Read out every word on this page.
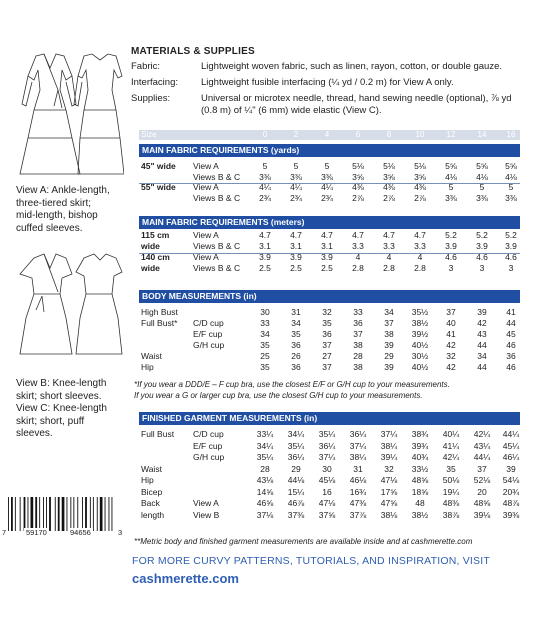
View A: Ankle-length,
three-tiered skirt;
mid-length, bishop
cuffed sleeves.
View B: Knee-length
skirt; short sleeves.
View C: Knee-length
skirt; short, puff
sleeves.
7	59170	94656	3
MATERIALS & SUPPLIES
Fabric:	Lightweight woven fabric, such as linen, rayon, cotton, or double gauze.
Interfacing: Lightweight fusible interfacing (¼ yd / 0.2 m) for View A only.
Supplies:	Universal or microtex needle, thread, hand sewing needle (optional), ⅞ yd
(0.8 m) of ¼" (6 mm) wide elastic (View C).
Size	0	2	4	6	8	10	12	14	16
MAIN FABRIC REQUIREMENTS (yards)
45" wide View A	5	5	5	5⅛	5⅛	5⅛	5⅝	5⅝	5⅝
Views B & C	3⅜	3⅜	3⅜	3⅝	3⅝	3⅝	4⅛	4⅛	4⅛
55" wide View A	4¼	4¼	4¼	4⅜	4⅜	4⅜	5	5	5
Views B & C	2¾	2¾	2¾	2⅞	2⅞	2⅞	3⅜	3⅜	3⅜
MAIN FABRIC REQUIREMENTS (meters)
115 cm	View A	4.7	4.7	4.7	4.7	4.7	4.7	5.2	5.2	5.2
wide	Views B & C	3.1	3.1	3.1	3.3	3.3	3.3	3.9	3.9	3.9
140 cm	View A	3.9	3.9	3.9	4	4	4	4.6	4.6	4.6
wide	Views B & C	2.5	2.5	2.5	2.8	2.8	2.8	3	3	3
BODY MEASUREMENTS (in)
High Bust	30	31	32	33	34	35½	37	39	41
Full Bust* C/D cup	33	34	35	36	37	38½	40	42	44
E/F cup	34	35	36	37	38	39½	41	43	45
G/H cup	35	36	37	38	39	40½	42	44	46
Waist	25	26	27	28	29	30½	32	34	36
Hip	35	36	37	38	39	40½	42	44	46
*If you wear a DDD/E – F cup bra, use the closest E/F or G/H cup to your measurements.
If you wear a G or larger cup bra, use the closest G/H cup to your measurements.
FINISHED GARMENT MEASUREMENTS (in)
Full Bust C/D cup	33¼	34¼	35¼	36¼	37¼	38¾	40¼	42¼	44¼
E/F cup	34¼	35¼	36¼	37¼	38¼	39¾	41¼	43¼	45¼
G/H cup	35¼	36¼	37¼	38¼	39¼	40¾	42¼	44¼	46¼
Waist	28	29	30	31	32	33½	35	37	39
Hip	43⅛	44⅛	45⅛	46⅛	47⅛	48⅝	50⅛	52⅛	54⅛
Bicep	14⅝	15¼	16	16¾	17⅝	18⅝	19¼	20	20¾
Back	View A	46⅝	46⅞	47⅛	47⅜	47⅝	48	48⅜	48⅝	48⅞
length	View B	37⅛	37⅜	37⅝	37⅞	38⅛	38½	38⅞	39⅛	39⅜
**Metric body and finished garment measurements are available inside and at cashmerette.com
FOR MORE CURVY PATTERNS, TUTORIALS, AND INSPIRATION, VISIT
cashmerette.com
